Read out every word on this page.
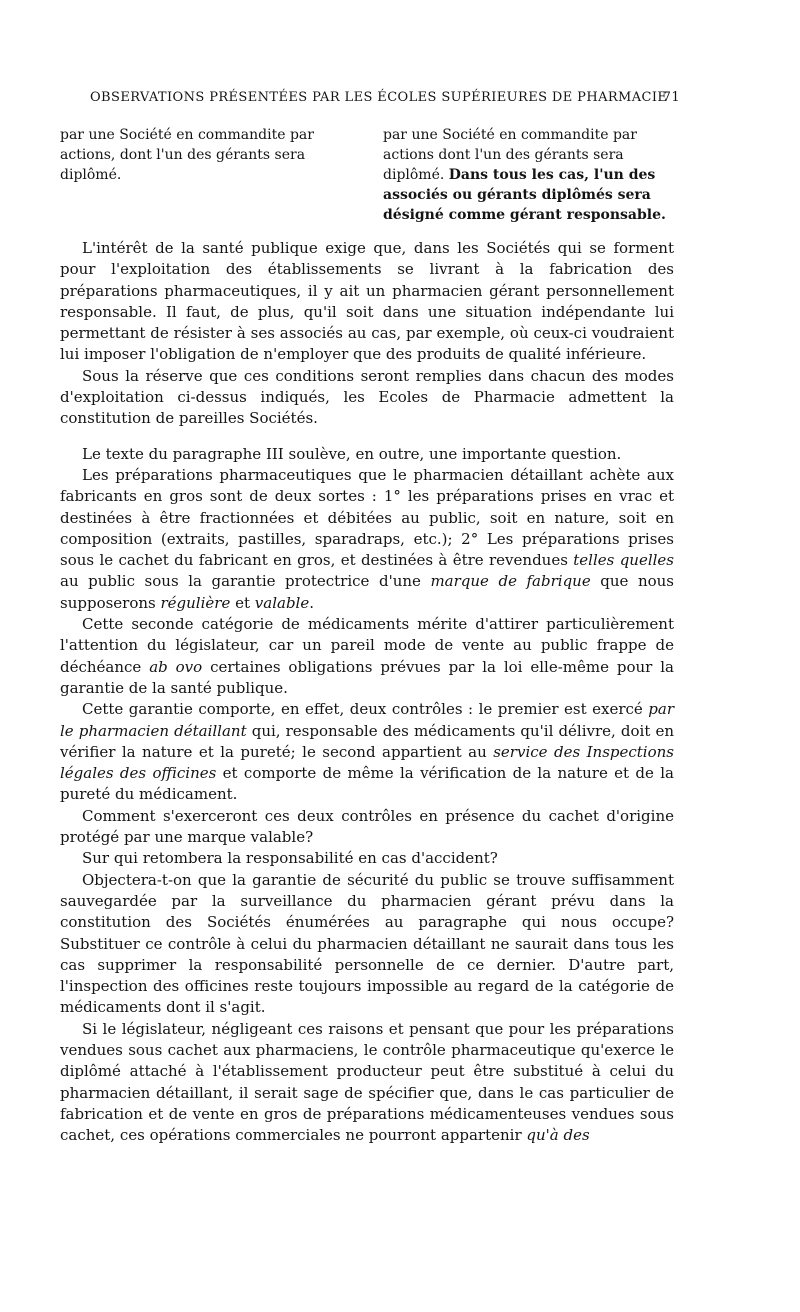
OBSERVATIONS PRÉSENTÉES PAR LES ÉCOLES SUPÉRIEURES DE PHARMACIE
71
par une Société en commandite par actions, dont l'un des gérants sera diplômé.
par une Société en commandite par actions dont l'un des gérants sera diplômé. Dans tous les cas, l'un des associés ou gérants diplômés sera désigné comme gérant responsable.

L'intérêt de la santé publique exige que, dans les Sociétés qui se forment pour l'exploitation des établissements se livrant à la fabrication des préparations pharmaceutiques, il y ait un pharmacien gérant personnellement responsable. Il faut, de plus, qu'il soit dans une situation indépendante lui permettant de résister à ses associés au cas, par exemple, où ceux-ci voudraient lui imposer l'obligation de n'employer que des produits de qualité inférieure.

Sous la réserve que ces conditions seront remplies dans chacun des modes d'exploitation ci-dessus indiqués, les Ecoles de Pharmacie admettent la constitution de pareilles Sociétés.

Le texte du paragraphe III soulève, en outre, une importante question.

Les préparations pharmaceutiques que le pharmacien détaillant achète aux fabricants en gros sont de deux sortes : 1° les préparations prises en vrac et destinées à être fractionnées et débitées au public, soit en nature, soit en composition (extraits, pastilles, sparadraps, etc.); 2° Les préparations prises sous le cachet du fabricant en gros, et destinées à être revendues telles quelles au public sous la garantie protectrice d'une marque de fabrique que nous supposerons régulière et valable.

Cette seconde catégorie de médicaments mérite d'attirer particulièrement l'attention du législateur, car un pareil mode de vente au public frappe de déchéance ab ovo certaines obligations prévues par la loi elle-même pour la garantie de la santé publique.

Cette garantie comporte, en effet, deux contrôles : le premier est exercé par le pharmacien détaillant qui, responsable des médicaments qu'il délivre, doit en vérifier la nature et la pureté; le second appartient au service des Inspections légales des officines et comporte de même la vérification de la nature et de la pureté du médicament.

Comment s'exerceront ces deux contrôles en présence du cachet d'origine protégé par une marque valable?

Sur qui retombera la responsabilité en cas d'accident?

Objectera-t-on que la garantie de sécurité du public se trouve suffisamment sauvegardée par la surveillance du pharmacien gérant prévu dans la constitution des Sociétés énumérées au paragraphe qui nous occupe? Substituer ce contrôle à celui du pharmacien détaillant ne saurait dans tous les cas supprimer la responsabilité personnelle de ce dernier. D'autre part, l'inspection des officines reste toujours impossible au regard de la catégorie de médicaments dont il s'agit.

Si le législateur, négligeant ces raisons et pensant que pour les préparations vendues sous cachet aux pharmaciens, le contrôle pharmaceutique qu'exerce le diplômé attaché à l'établissement producteur peut être substitué à celui du pharmacien détaillant, il serait sage de spécifier que, dans le cas particulier de fabrication et de vente en gros de préparations médicamenteuses vendues sous cachet, ces opérations commerciales ne pourront appartenir qu'à des
